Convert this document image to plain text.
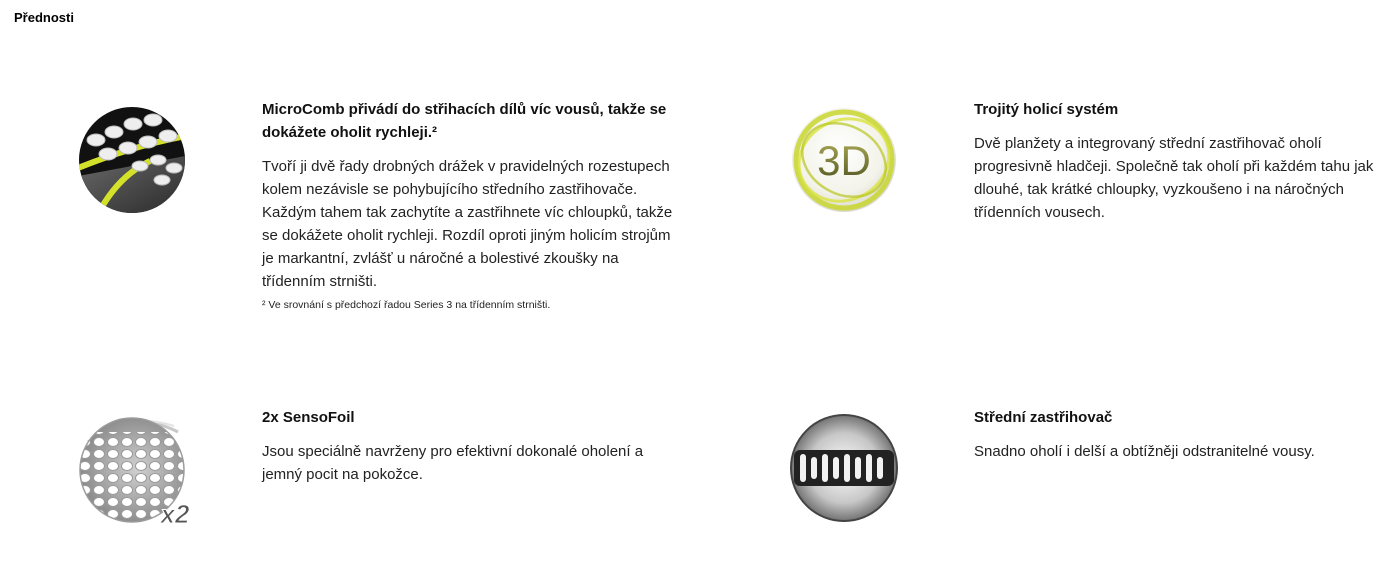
Přednosti
MicroComb přivádí do střihacích dílů víc vousů, takže se dokážete oholit rychleji.²

Tvoří ji dvě řady drobných drážek v pravidelných rozestupech kolem nezávisle se pohybujícího středního zastřihovače. Každým tahem tak zachytíte a zastřihnete víc chloupků, takže se dokážete oholit rychleji. Rozdíl oproti jiným holicím strojům je markantní, zvlášť u náročné a bolestivé zkoušky na třídenním strništi.

² Ve srovnání s předchozí řadou Series 3 na třídenním strništi.
3D
Trojitý holicí systém

Dvě planžety a integrovaný střední zastřihovač oholí progresivně hladčeji. Společně tak oholí při každém tahu jak dlouhé, tak krátké chloupky, vyzkoušeno i na náročných třídenních vousech.

x2
2x SensoFoil

Jsou speciálně navrženy pro efektivní dokonalé oholení a jemný pocit na pokožce.

Střední zastřihovač

Snadno oholí i delší a obtížněji odstranitelné vousy.
